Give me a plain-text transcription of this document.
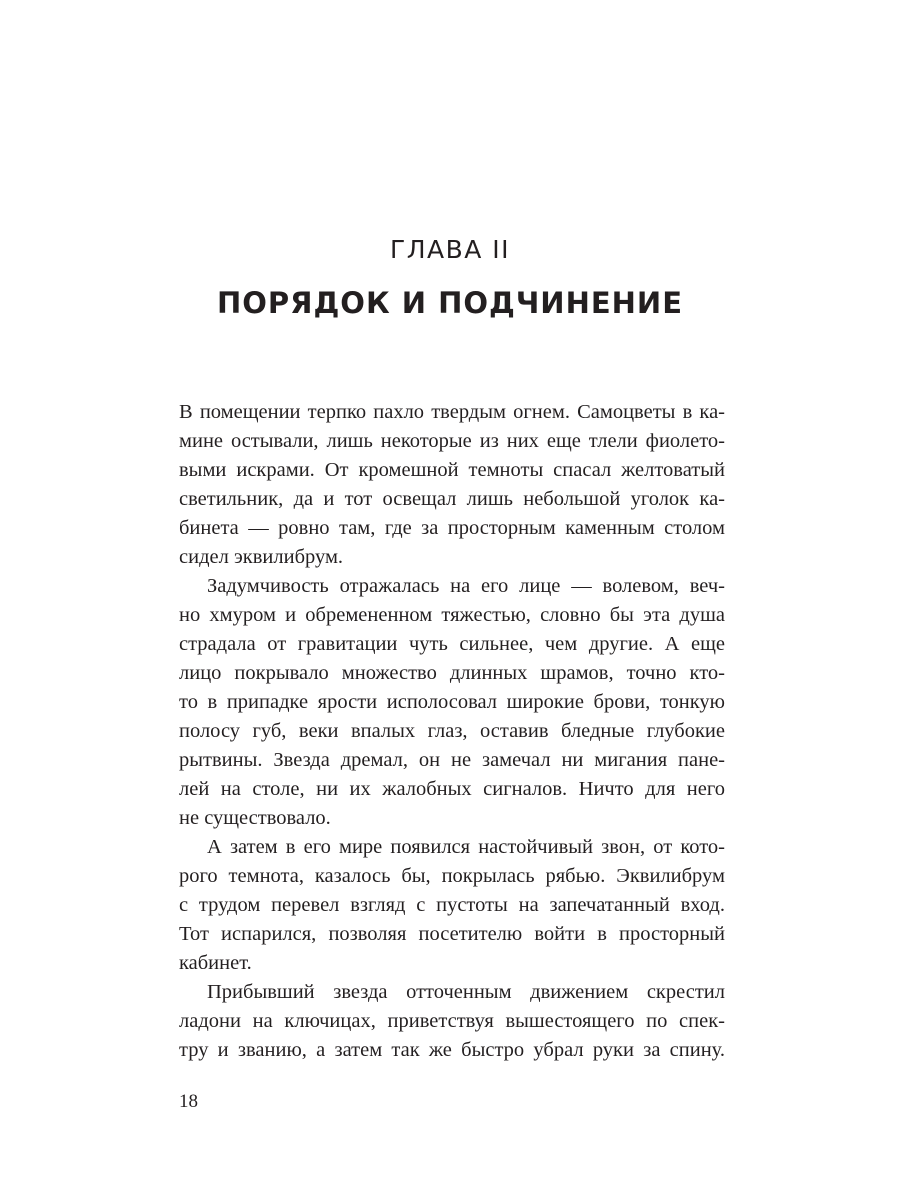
ГЛАВА II
ПОРЯДОК И ПОДЧИНЕНИЕ
В помещении терпко пахло твердым огнем. Самоцветы в ка-
мине остывали, лишь некоторые из них еще тлели фиолето-
выми искрами. От кромешной темноты спасал желтоватый
светильник, да и тот освещал лишь небольшой уголок ка-
бинета — ровно там, где за просторным каменным столом
сидел эквилибрум.
Задумчивость отражалась на его лице — волевом, веч-
но хмуром и обремененном тяжестью, словно бы эта душа
страдала от гравитации чуть сильнее, чем другие. А еще
лицо покрывало множество длинных шрамов, точно кто-
то в припадке ярости исполосовал широкие брови, тонкую
полосу губ, веки впалых глаз, оставив бледные глубокие
рытвины. Звезда дремал, он не замечал ни мигания пане-
лей на столе, ни их жалобных сигналов. Ничто для него
не существовало.
А затем в его мире появился настойчивый звон, от кото-
рого темнота, казалось бы, покрылась рябью. Эквилибрум
с трудом перевел взгляд с пустоты на запечатанный вход.
Тот испарился, позволяя посетителю войти в просторный
кабинет.
Прибывший звезда отточенным движением скрестил
ладони на ключицах, приветствуя вышестоящего по спек-
тру и званию, а затем так же быстро убрал руки за спину.
18
